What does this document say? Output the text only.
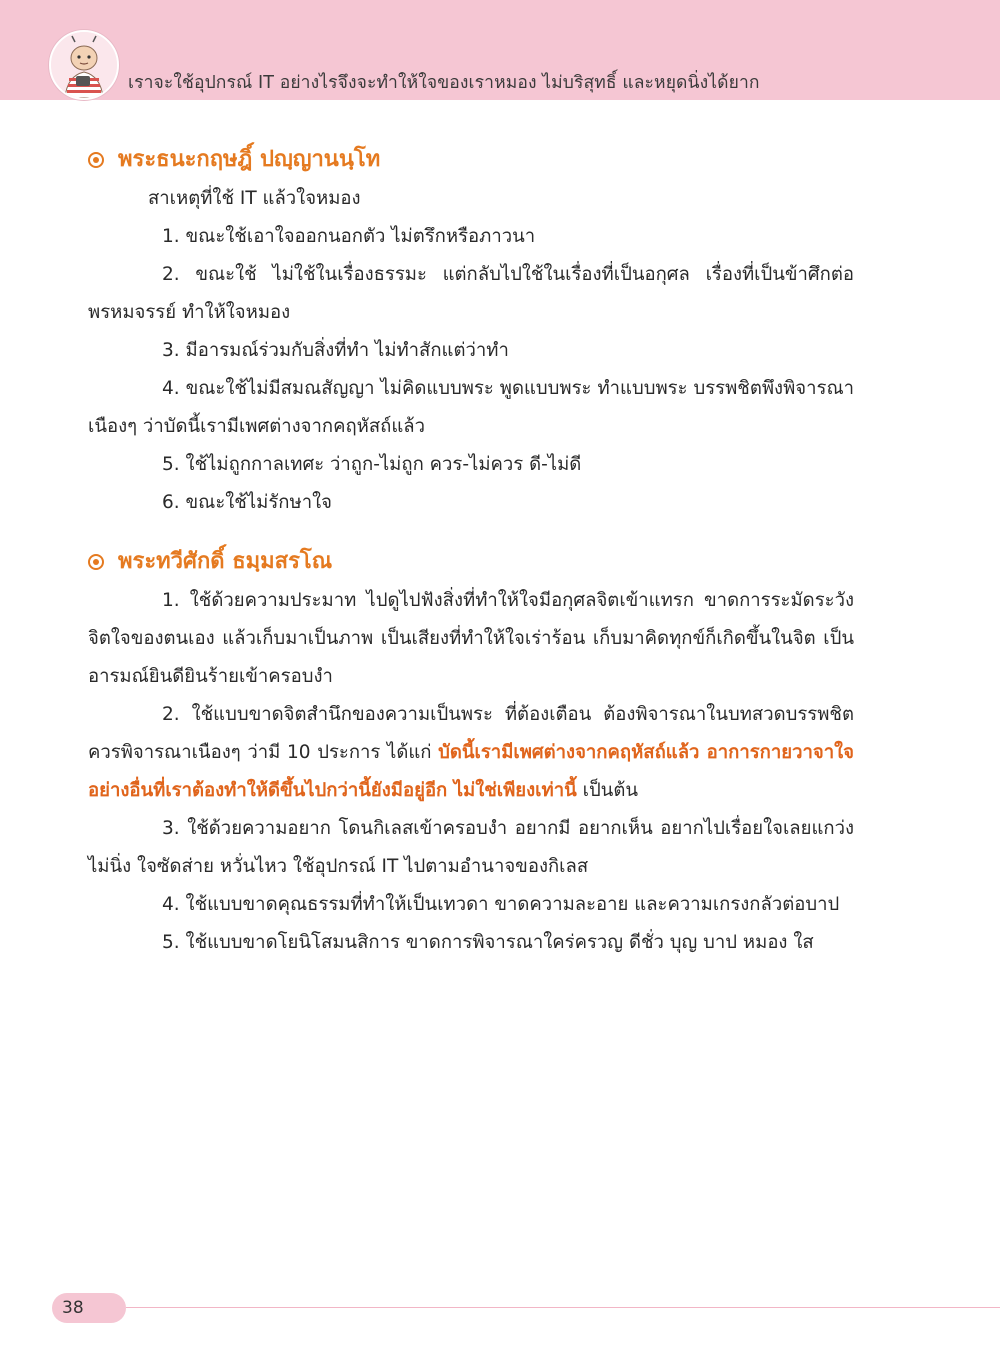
เราจะใช้อุปกรณ์ IT อย่างไรจึงจะทำให้ใจของเราหมอง ไม่บริสุทธิ์ และหยุดนิ่งได้ยาก
พระธนะกฤษฎิ์ ปญฺญานนฺโท

สาเหตุที่ใช้ IT แล้วใจหมอง

1. ขณะใช้เอาใจออกนอกตัว ไม่ตรึกหรือภาวนา

2. ขณะใช้ ไม่ใช้ในเรื่องธรรมะ แต่กลับไปใช้ในเรื่องที่เป็นอกุศล เรื่องที่เป็นข้าศึกต่อพรหมจรรย์ ทำให้ใจหมอง

3. มีอารมณ์ร่วมกับสิ่งที่ทำ ไม่ทำสักแต่ว่าทำ

4. ขณะใช้ไม่มีสมณสัญญา ไม่คิดแบบพระ พูดแบบพระ ทำแบบพระ บรรพชิตพึงพิจารณาเนืองๆ ว่าบัดนี้เรามีเพศต่างจากคฤหัสถ์แล้ว

5. ใช้ไม่ถูกกาลเทศะ ว่าถูก-ไม่ถูก ควร-ไม่ควร ดี-ไม่ดี

6. ขณะใช้ไม่รักษาใจ

พระทวีศักดิ์ ธมฺมสรโณ

1. ใช้ด้วยความประมาท ไปดูไปฟังสิ่งที่ทำให้ใจมีอกุศลจิตเข้าแทรก ขาดการระมัดระวังจิตใจของตนเอง แล้วเก็บมาเป็นภาพ เป็นเสียงที่ทำให้ใจเร่าร้อน เก็บมาคิดทุกข์ก็เกิดขึ้นในจิต เป็นอารมณ์ยินดียินร้ายเข้าครอบงำ

2. ใช้แบบขาดจิตสำนึกของความเป็นพระ ที่ต้องเตือน ต้องพิจารณาในบทสวดบรรพชิตควรพิจารณาเนืองๆ ว่ามี 10 ประการ ได้แก่ บัดนี้เรามีเพศต่างจากคฤหัสถ์แล้ว อาการกายวาจาใจอย่างอื่นที่เราต้องทำให้ดีขึ้นไปกว่านี้ยังมีอยู่อีก ไม่ใช่เพียงเท่านี้ เป็นต้น

3. ใช้ด้วยความอยาก โดนกิเลสเข้าครอบงำ อยากมี อยากเห็น อยากไปเรื่อยใจเลยแกว่ง ไม่นิ่ง ใจซัดส่าย หวั่นไหว ใช้อุปกรณ์ IT ไปตามอำนาจของกิเลส

4. ใช้แบบขาดคุณธรรมที่ทำให้เป็นเทวดา ขาดความละอาย และความเกรงกลัวต่อบาป

5. ใช้แบบขาดโยนิโสมนสิการ ขาดการพิจารณาใคร่ครวญ ดีชั่ว บุญ บาป หมอง ใส

38
